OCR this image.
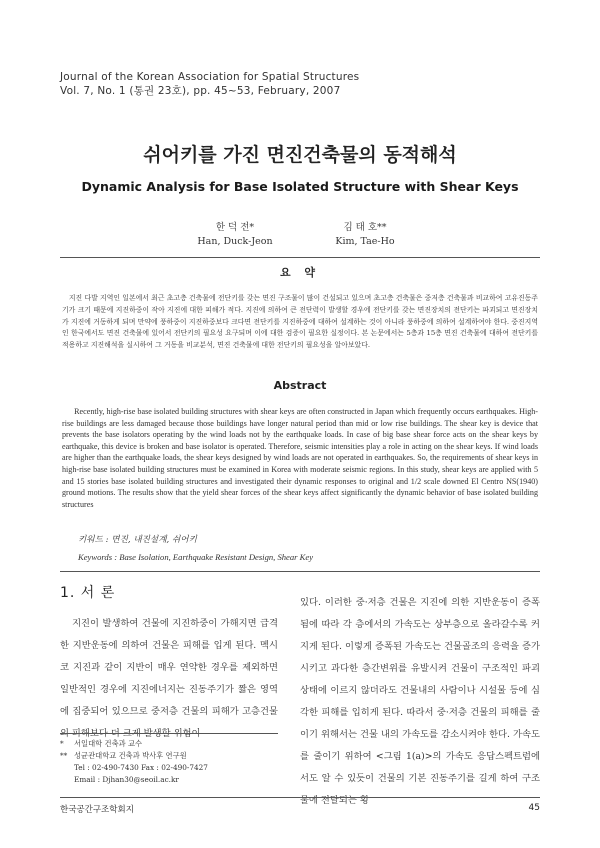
Journal of the Korean Association for Spatial Structures
Vol. 7, No. 1 (통권 23호), pp. 45~53, February, 2007
쉬어키를 가진 면진건축물의 동적해석
Dynamic Analysis for Base Isolated Structure with Shear Keys
한 덕 전*
Han, Duck-Jeon
김 태 호**
Kim, Tae-Ho
요 약
지진 다발 지역인 일본에서 최근 초고층 건축물에 전단키를 갖는 면진 구조물이 많이 건설되고 있으며 초고층 건축물은 중저층 건축물과 비교하여 고유진동주기가 크기 때문에 지진하중이 작아 지진에 대한 피해가 적다. 지진에 의하여 큰 전단력이 발생할 경우에 전단키를 갖는 면진장치의 전단키는 파괴되고 면진장치가 지진에 거동하게 되며 만약에 풍하중이 지진하중보다 크다면 전단키를 지진하중에 대하여 설계하는 것이 아니라 풍하중에 의하여 설계하여야 한다. 중진지역인 한국에서도 면진 건축물에 있어서 전단키의 필요성 요구되며 이에 대한 검증이 필요한 실정이다. 본 논문에서는 5층과 15층 면진 건축물에 대하여 전단키를 적용하고 지진해석을 실시하여 그 거동을 비교분석, 면진 건축물에 대한 전단키의 필요성을 알아보았다.
Abstract
Recently, high-rise base isolated building structures with shear keys are often constructed in Japan which frequently occurs earthquakes. High-rise buildings are less damaged because those buildings have longer natural period than mid or low rise buildings. The shear key is device that prevents the base isolators operating by the wind loads not by the earthquake loads. In case of big base shear force acts on the shear keys by earthquake, this device is broken and base isolator is operated. Therefore, seismic intensities play a role in acting on the shear keys. If wind loads are higher than the earthquake loads, the shear keys designed by wind loads are not operated in earthquakes. So, the requirements of shear keys in high-rise base isolated building structures must be examined in Korea with moderate seismic regions. In this study, shear keys are applied with 5 and 15 stories base isolated building structures and investigated their dynamic responses to original and 1/2 scale downed El Centro NS(1940) ground motions. The results show that the yield shear forces of the shear keys affect significantly the dynamic behavior of base isolated building structures
키워드 : 면진, 내진설계, 쉬어키
Keywords : Base Isolation, Earthquake Resistant Design, Shear Key
1. 서 론
지진이 발생하여 건물에 지진하중이 가해지면 급격한 지반운동에 의하여 건물은 피해를 입게 된다. 멕시코 지진과 같이 지반이 매우 연약한 경우를 제외하면 일반적인 경우에 지진에너지는 진동주기가 짧은 영역에 집중되어 있으므로 중저층 건물의 피해가 고층건물의 피해보다 더 크게 발생할 위험이
있다. 이러한 중·저층 건물은 지진에 의한 지반운동이 증폭됨에 따라 각 층에서의 가속도는 상부층으로 올라갈수록 커지게 된다. 이렇게 증폭된 가속도는 건물골조의 응력을 증가시키고 과다한 층간변위를 유발시켜 건물이 구조적인 파괴 상태에 이르지 않더라도 건물내의 사람이나 시설물 등에 심각한 피해를 입히게 된다. 따라서 중·저층 건물의 피해를 줄이기 위해서는 건물 내의 가속도를 감소시켜야 한다. 가속도를 줄이기 위하여 <그림 1(a)>의 가속도 응답스펙트럼에서도 알 수 있듯이 건물의 기본 진동주기를 길게 하여 구조물에 전달되는 횡
*	서일대학 건축과 교수
** 성균관대학교 건축과 박사후 연구원
Tel : 02-490-7430 Fax : 02-490-7427
Email : Djhan30@seoil.ac.kr
한국공간구조학회지	45
